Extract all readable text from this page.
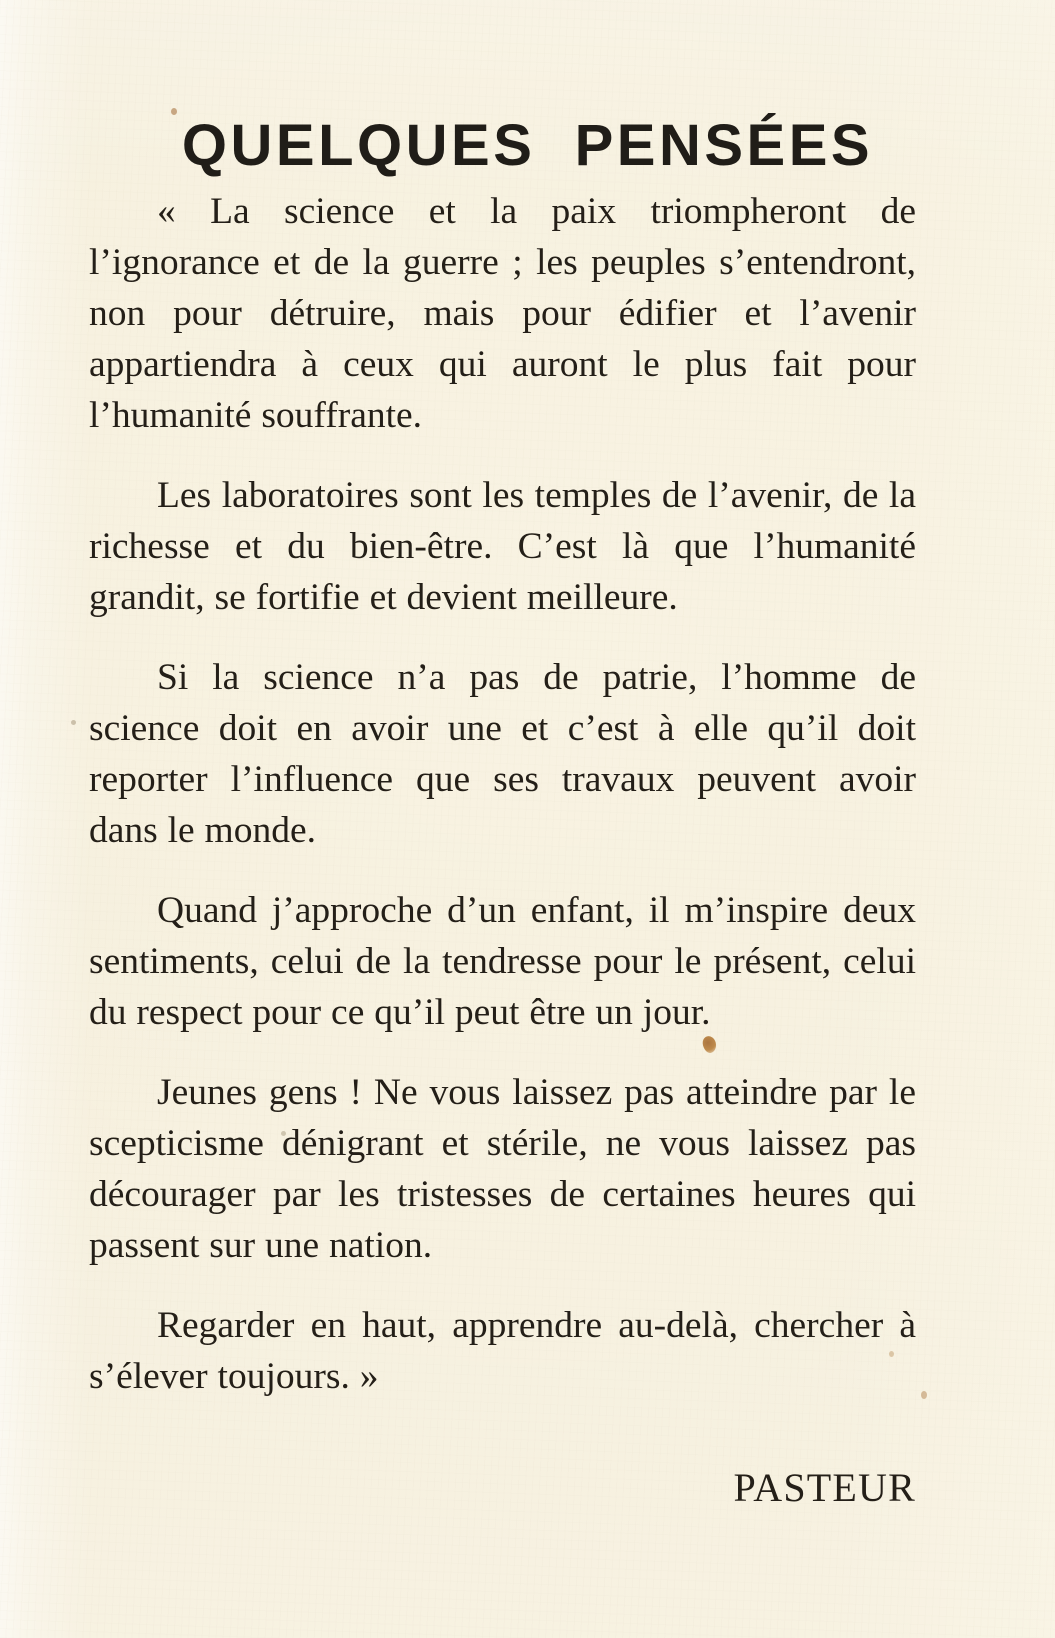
QUELQUES  PENSÉES

« La science et la paix triompheront de l’ignorance et de la guerre ; les peuples s’entendront, non pour détruire, mais pour édifier et l’avenir appartiendra à ceux qui auront le plus fait pour l’humanité souffrante.

Les laboratoires sont les temples de l’avenir, de la richesse et du bien-être. C’est là que l’humanité grandit, se fortifie et devient meilleure.

Si la science n’a pas de patrie, l’homme de science doit en avoir une et c’est à elle qu’il doit reporter l’influence que ses travaux peuvent avoir dans le monde.

Quand j’approche d’un enfant, il m’inspire deux sentiments, celui de la tendresse pour le présent, celui du respect pour ce qu’il peut être un jour.

Jeunes gens ! Ne vous laissez pas atteindre par le scepticisme dénigrant et stérile, ne vous laissez pas décourager par les tristesses de certaines heures qui passent sur une nation.

Regarder en haut, apprendre au-delà, chercher à s’élever toujours. »

PASTEUR
